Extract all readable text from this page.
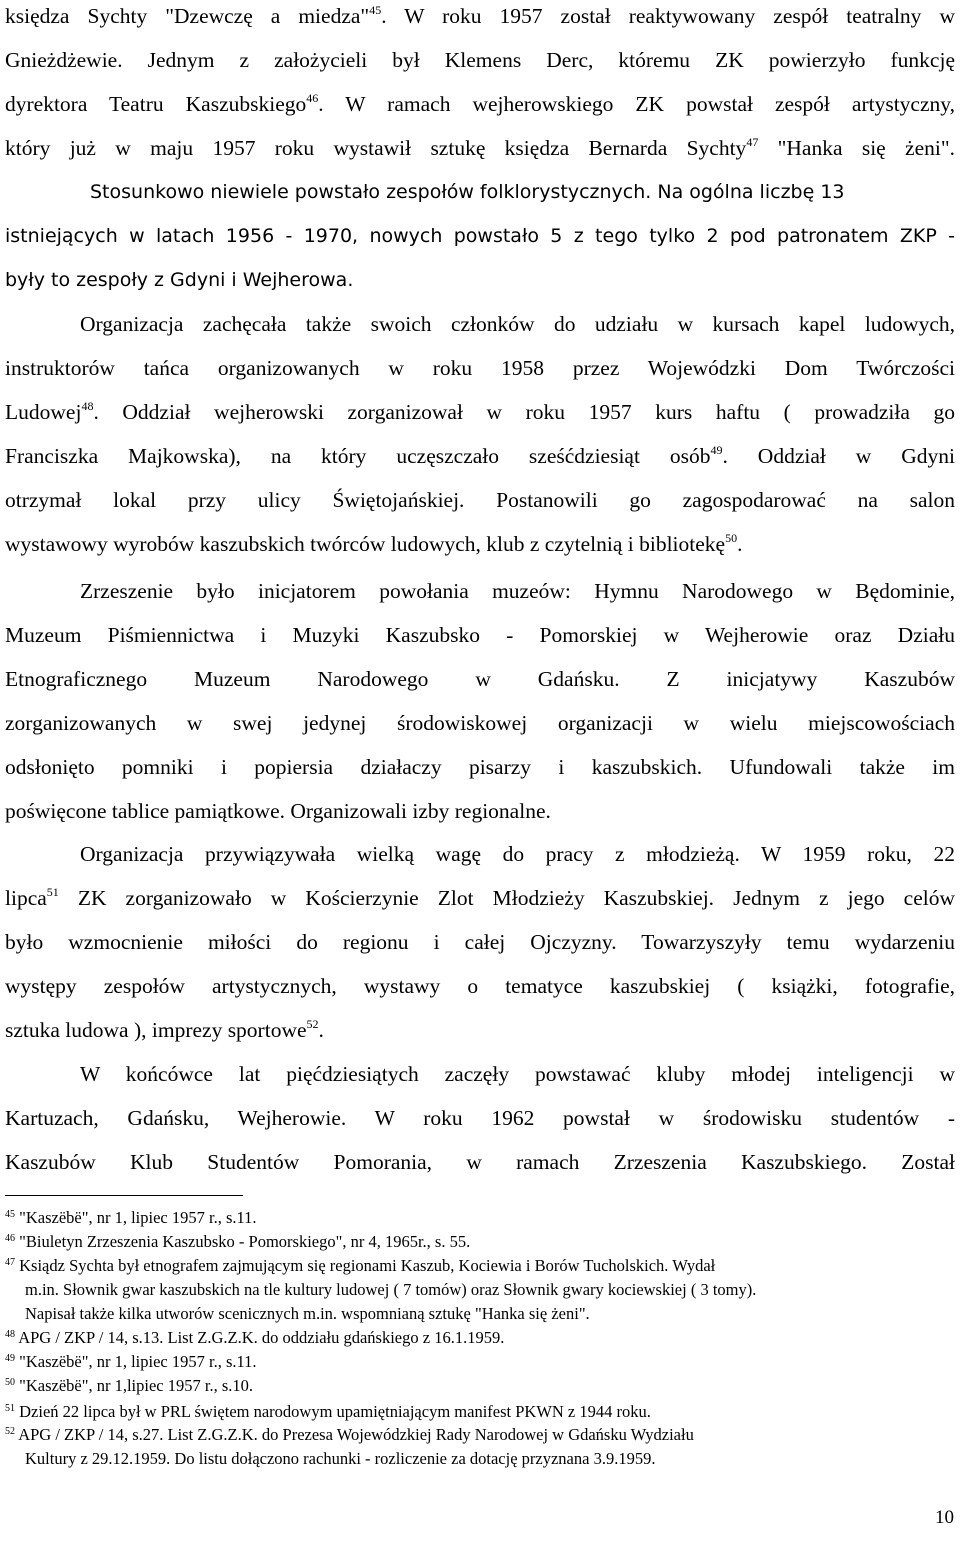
księdza Sychty "Dzewczę a miedza"$^{45}$. W roku 1957 został reaktywowany zespół teatralny w
Gnieżdżewie. Jednym z założycieli był Klemens Derc, któremu ZK powierzyło funkcję
dyrektora Teatru Kaszubskiego$^{46}$. W ramach wejherowskiego ZK powstał zespół artystyczny,
który już w maju 1957 roku wystawił sztukę księdza Bernarda Sychty$^{47}$ "Hanka się żeni".
Stosunkowo niewiele powstało zespołów folklorystycznych. Na ogólna liczbę 13
istniejących w latach 1956 - 1970, nowych powstało 5 z tego tylko 2 pod patronatem ZKP -
były to zespoły z Gdyni i Wejherowa.
Organizacja zachęcała także swoich członków do udziału w kursach kapel ludowych,
instruktorów tańca organizowanych w roku 1958 przez Wojewódzki Dom Twórczości
Ludowej$^{48}$. Oddział wejherowski zorganizował w roku 1957 kurs haftu ( prowadziła go
Franciszka Majkowska), na który uczęszczało sześćdziesiąt osób$^{49}$. Oddział w Gdyni
otrzymał lokal przy ulicy Świętojańskiej. Postanowili go zagospodarować na salon
wystawowy wyrobów kaszubskich twórców ludowych, klub z czytelnią i bibliotekę$^{50}$.
Zrzeszenie było inicjatorem powołania muzeów: Hymnu Narodowego w Będominie,
Muzeum Piśmiennictwa i Muzyki Kaszubsko - Pomorskiej w Wejherowie oraz Działu
Etnograficznego Muzeum Narodowego w Gdańsku. Z inicjatywy Kaszubów
zorganizowanych w swej jedynej środowiskowej organizacji w wielu miejscowościach
odsłonięto pomniki i popiersia działaczy pisarzy i kaszubskich. Ufundowali także im
poświęcone tablice pamiątkowe. Organizowali izby regionalne.
Organizacja przywiązywała wielką wagę do pracy z młodzieżą. W 1959 roku, 22
lipca$^{51}$ ZK zorganizowało w Kościerzynie Zlot Młodzieży Kaszubskiej. Jednym z jego celów
było wzmocnienie miłości do regionu i całej Ojczyzny. Towarzyszyły temu wydarzeniu
występy zespołów artystycznych, wystawy o tematyce kaszubskiej ( książki, fotografie,
sztuka ludowa ), imprezy sportowe$^{52}$.
W końcówce lat pięćdziesiątych zaczęły powstawać kluby młodej inteligencji w
Kartuzach, Gdańsku, Wejherowie. W roku 1962 powstał w środowisku studentów -
Kaszubów Klub Studentów Pomorania, w ramach Zrzeszenia Kaszubskiego. Został
$^{45}$ "Kaszëbë", nr 1, lipiec 1957 r., s.11.
$^{46}$ "Biuletyn Zrzeszenia Kaszubsko - Pomorskiego", nr 4, 1965r., s. 55.
$^{47}$ Ksiądz Sychta był etnografem zajmującym się regionami Kaszub, Kociewia i Borów Tucholskich. Wydał
m.in. Słownik gwar kaszubskich na tle kultury ludowej ( 7 tomów) oraz Słownik gwary kociewskiej ( 3 tomy).
Napisał także kilka utworów scenicznych m.in. wspomnianą sztukę "Hanka się żeni".
$^{48}$ APG / ZKP / 14, s.13. List Z.G.Z.K. do oddziału gdańskiego z 16.1.1959.
$^{49}$ "Kaszëbë", nr 1, lipiec 1957 r., s.11.
$^{50}$ "Kaszëbë", nr 1,lipiec 1957 r., s.10.
$^{51}$ Dzień 22 lipca był w PRL świętem narodowym upamiętniającym manifest PKWN z 1944 roku.
$^{52}$ APG / ZKP / 14, s.27. List Z.G.Z.K. do Prezesa Wojewódzkiej Rady Narodowej w Gdańsku Wydziału
Kultury z 29.12.1959. Do listu dołączono rachunki - rozliczenie za dotację przyznana 3.9.1959.
10
